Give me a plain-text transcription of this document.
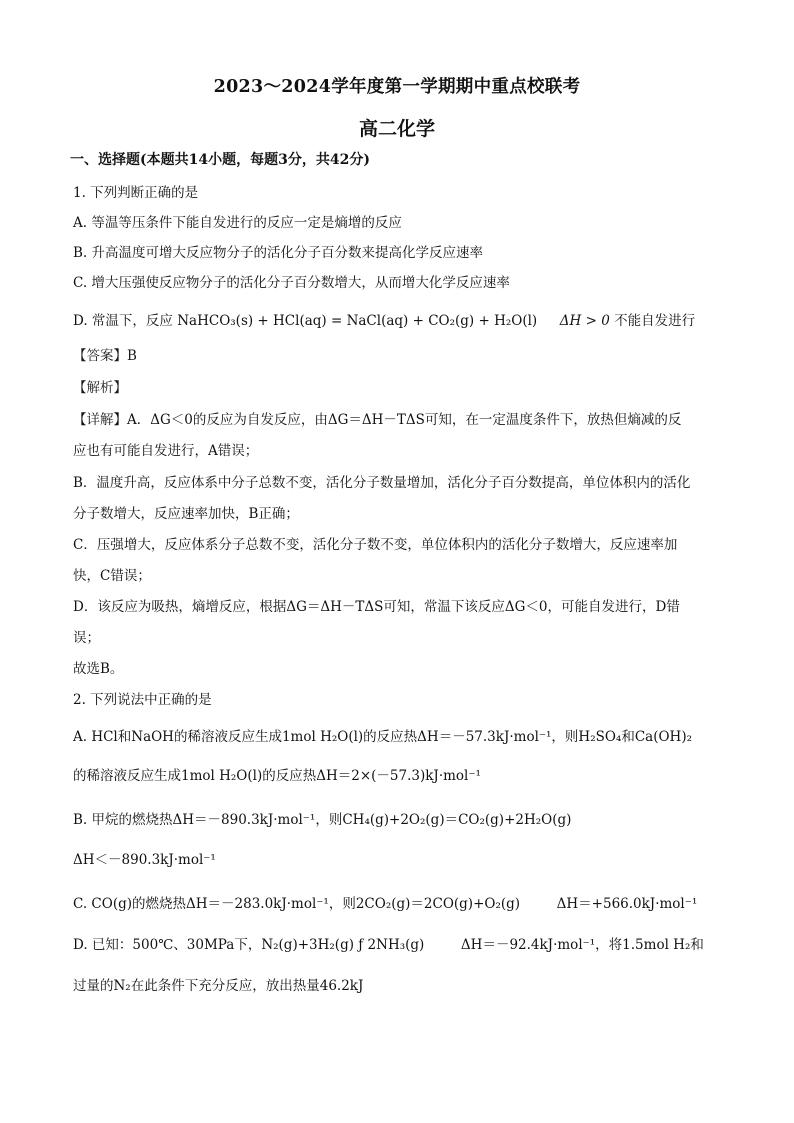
2023～2024学年度第一学期期中重点校联考
高二化学
一、选择题(本题共14小题，每题3分，共42分)
1. 下列判断正确的是
A. 等温等压条件下能自发进行的反应一定是熵增的反应
B. 升高温度可增大反应物分子的活化分子百分数来提高化学反应速率
C. 增大压强使反应物分子的活化分子百分数增大，从而增大化学反应速率
D. 常温下，反应 NaHCO₃(s) + HCl(aq) = NaCl(aq) + CO₂(g) + H₂O(l) ΔH > 0 不能自发进行
【答案】B
【解析】
【详解】A．ΔG＜0的反应为自发反应，由ΔG＝ΔH－TΔS可知，在一定温度条件下，放热但熵减的反
应也有可能自发进行，A错误；
B．温度升高，反应体系中分子总数不变，活化分子数量增加，活化分子百分数提高，单位体积内的活化
分子数增大，反应速率加快，B正确；
C．压强增大，反应体系分子总数不变，活化分子数不变，单位体积内的活化分子数增大，反应速率加
快，C错误；
D．该反应为吸热，熵增反应，根据ΔG＝ΔH－TΔS可知，常温下该反应ΔG＜0，可能自发进行，D错
误；
故选B。
2. 下列说法中正确的是
A. HCl和NaOH的稀溶液反应生成1mol H₂O(l)的反应热ΔH＝－57.3kJ·mol⁻¹，则H₂SO₄和Ca(OH)₂
的稀溶液反应生成1mol H₂O(l)的反应热ΔH＝2×(－57.3)kJ·mol⁻¹
B. 甲烷的燃烧热ΔH＝－890.3kJ·mol⁻¹，则CH₄(g)+2O₂(g)＝CO₂(g)+2H₂O(g)
ΔH＜－890.3kJ·mol⁻¹
C. CO(g)的燃烧热ΔH＝－283.0kJ·mol⁻¹，则2CO₂(g)＝2CO(g)+O₂(g)	ΔH＝+566.0kJ·mol⁻¹
D. 已知：500℃、30MPa下，N₂(g)+3H₂(g) ƒ 2NH₃(g)	ΔH＝－92.4kJ·mol⁻¹，将1.5mol H₂和
过量的N₂在此条件下充分反应，放出热量46.2kJ
